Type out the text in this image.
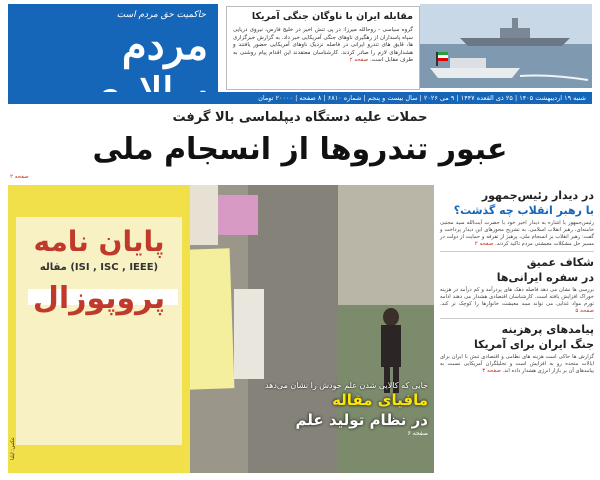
حاکمیت حق مردم است
مردم
مقابله ایران با ناوگان جنگی آمریکا
گروه سیاسی - روحالله میرزا: در پی تنش اخیر در خلیج فارس، نیروی دریایی سپاه پاسداران از رهگیری ناوهای جنگی آمریکایی خبر داد. به گزارش خبرگزاری ها، قایق های تندرو ایرانی در فاصله نزدیک ناوهای آمریکایی حضور یافتند و هشدارهای لازم را صادر کردند. کارشناسان معتقدند این اقدام پیام روشنی به طرف مقابل است. صفحه ۲
شنبه ۱۹ اردیبهشت ۱۴۰۵ | ۲۵ ذی القعده ۱۴۴۷ | ۹ می ۲۰۲۶ | سال بیست و پنجم | شماره ۶۸۱۰ | ۸ صفحه | ۲۰۰۰۰ تومان
حملات علیه دستگاه دیپلماسی بالا گرفت
عبور تندروها از انسجام ملی
صفحه ۲
پایان نامه
(ISI , ISC , IEEE) مقاله
پروپوزال
جایی که کالایی شدن علم خودش را نشان می‌دهد
مافیای مقاله
در نظام تولید علم
صفحه ۶
عکس: ایلنا

در دیدار رئیس‌جمهور

با رهبر انقلاب چه گذشت؟

رئیس‌جمهور با اشاره به دیدار اخیر خود با حضرت آیت‌الله سید مجتبی خامنه‌ای، رهبر انقلاب اسلامی، به تشریح محورهای این دیدار پرداخت و گفت: رهبر انقلاب بر انسجام ملی، پرهیز از تفرقه و حمایت از دولت در مسیر حل مشکلات معیشتی مردم تاکید کردند. صفحه ۲

شکاف عمیق

در سفره ایرانی‌ها

بررسی ها نشان می دهد فاصله دهک های پردرآمد و کم درآمد در هزینه خوراک افزایش یافته است. کارشناسان اقتصادی هشدار می دهند ادامه تورم مواد غذایی می تواند سبد معیشت خانوارها را کوچک تر کند. صفحه ۵

پیامدهای پرهزینه

جنگ ایران برای آمریکا

گزارش ها حاکی است هزینه های نظامی و اقتصادی تنش با ایران برای ایالات متحده رو به افزایش است و تحلیلگران آمریکایی نسبت به پیامدهای آن بر بازار انرژی هشدار داده اند. صفحه ۳
